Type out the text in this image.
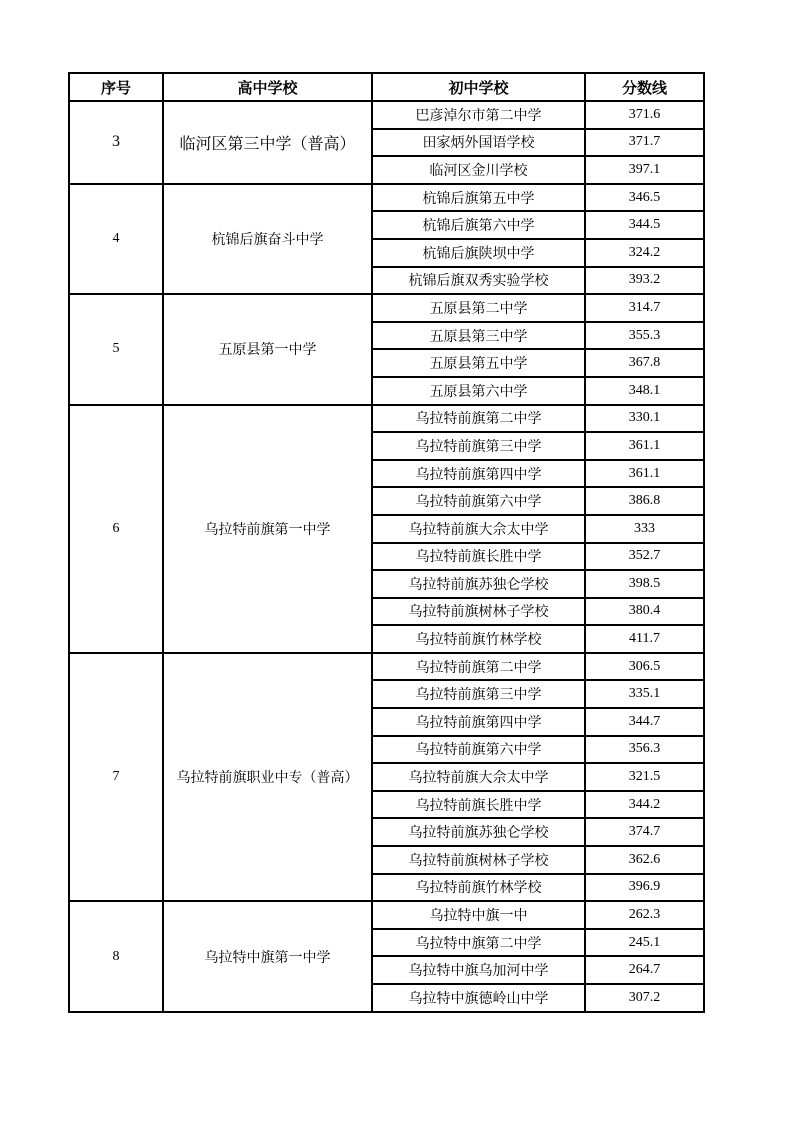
序号	高中学校	初中学校	分数线
3	临河区第三中学（普高）	巴彦淖尔市第二中学	371.6
		田家炳外国语学校	371.7
		临河区金川学校	397.1
4	杭锦后旗奋斗中学	杭锦后旗第五中学	346.5
		杭锦后旗第六中学	344.5
		杭锦后旗陕坝中学	324.2
		杭锦后旗双秀实验学校	393.2
5	五原县第一中学	五原县第二中学	314.7
		五原县第三中学	355.3
		五原县第五中学	367.8
		五原县第六中学	348.1
6	乌拉特前旗第一中学	乌拉特前旗第二中学	330.1
		乌拉特前旗第三中学	361.1
		乌拉特前旗第四中学	361.1
		乌拉特前旗第六中学	386.8
		乌拉特前旗大佘太中学	333
		乌拉特前旗长胜中学	352.7
		乌拉特前旗苏独仑学校	398.5
		乌拉特前旗树林子学校	380.4
		乌拉特前旗竹林学校	411.7
7	乌拉特前旗职业中专（普高）	乌拉特前旗第二中学	306.5
		乌拉特前旗第三中学	335.1
		乌拉特前旗第四中学	344.7
		乌拉特前旗第六中学	356.3
		乌拉特前旗大佘太中学	321.5
		乌拉特前旗长胜中学	344.2
		乌拉特前旗苏独仑学校	374.7
		乌拉特前旗树林子学校	362.6
		乌拉特前旗竹林学校	396.9
8	乌拉特中旗第一中学	乌拉特中旗一中	262.3
		乌拉特中旗第二中学	245.1
		乌拉特中旗乌加河中学	264.7
		乌拉特中旗德岭山中学	307.2
